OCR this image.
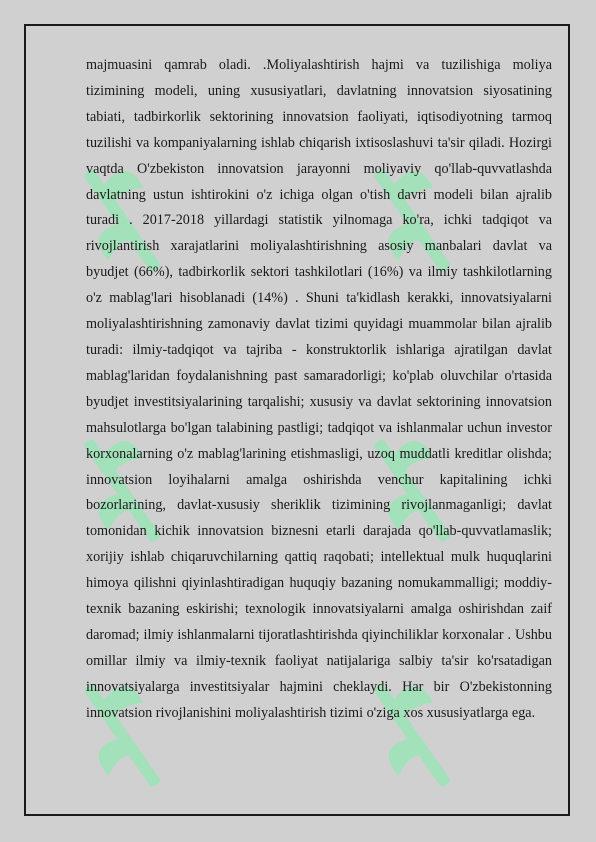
majmuasini qamrab oladi. .Moliyalashtirish hajmi va tuzilishiga moliya tizimining modeli, uning xususiyatlari, davlatning innovatsion siyosatining tabiati, tadbirkorlik sektorining innovatsion faoliyati, iqtisodiyotning tarmoq tuzilishi va kompaniyalarning ishlab chiqarish ixtisoslashuvi ta'sir qiladi. Hozirgi vaqtda O'zbekiston innovatsion jarayonni moliyaviy qo'llab-quvvatlashda davlatning ustun ishtirokini o'z ichiga olgan o'tish davri modeli bilan ajralib turadi . 2017-2018 yillardagi statistik yilnomaga ko'ra, ichki tadqiqot va rivojlantirish xarajatlarini moliyalashtirishning asosiy manbalari davlat va byudjet (66%), tadbirkorlik sektori tashkilotlari (16%) va ilmiy tashkilotlarning o'z mablag'lari hisoblanadi (14%) . Shuni ta'kidlash kerakki, innovatsiyalarni moliyalashtirishning zamonaviy davlat tizimi quyidagi muammolar bilan ajralib turadi: ilmiy-tadqiqot va tajriba - konstruktorlik ishlariga ajratilgan davlat mablag'laridan foydalanishning past samaradorligi; ko'plab oluvchilar o'rtasida byudjet investitsiyalarining tarqalishi; xususiy va davlat sektorining innovatsion mahsulotlarga bo'lgan talabining pastligi; tadqiqot va ishlanmalar uchun investor korxonalarning o'z mablag'larining etishmasligi, uzoq muddatli kreditlar olishda; innovatsion loyihalarni amalga oshirishda venchur kapitalining ichki bozorlarining, davlat-xususiy sheriklik tizimining rivojlanmaganligi; davlat tomonidan kichik innovatsion biznesni etarli darajada qo'llab-quvvatlamaslik; xorijiy ishlab chiqaruvchilarning qattiq raqobati; intellektual mulk huquqlarini himoya qilishni qiyinlashtiradigan huquqiy bazaning nomukammalligi; moddiy-texnik bazaning eskirishi; texnologik innovatsiyalarni amalga oshirishdan zaif daromad; ilmiy ishlanmalarni tijoratlashtirishda qiyinchiliklar korxonalar . Ushbu omillar ilmiy va ilmiy-texnik faoliyat natijalariga salbiy ta'sir ko'rsatadigan innovatsiyalarga investitsiyalar hajmini cheklaydi. Har bir O'zbekistonning innovatsion rivojlanishini moliyalashtirish tizimi o'ziga xos xususiyatlarga ega.
